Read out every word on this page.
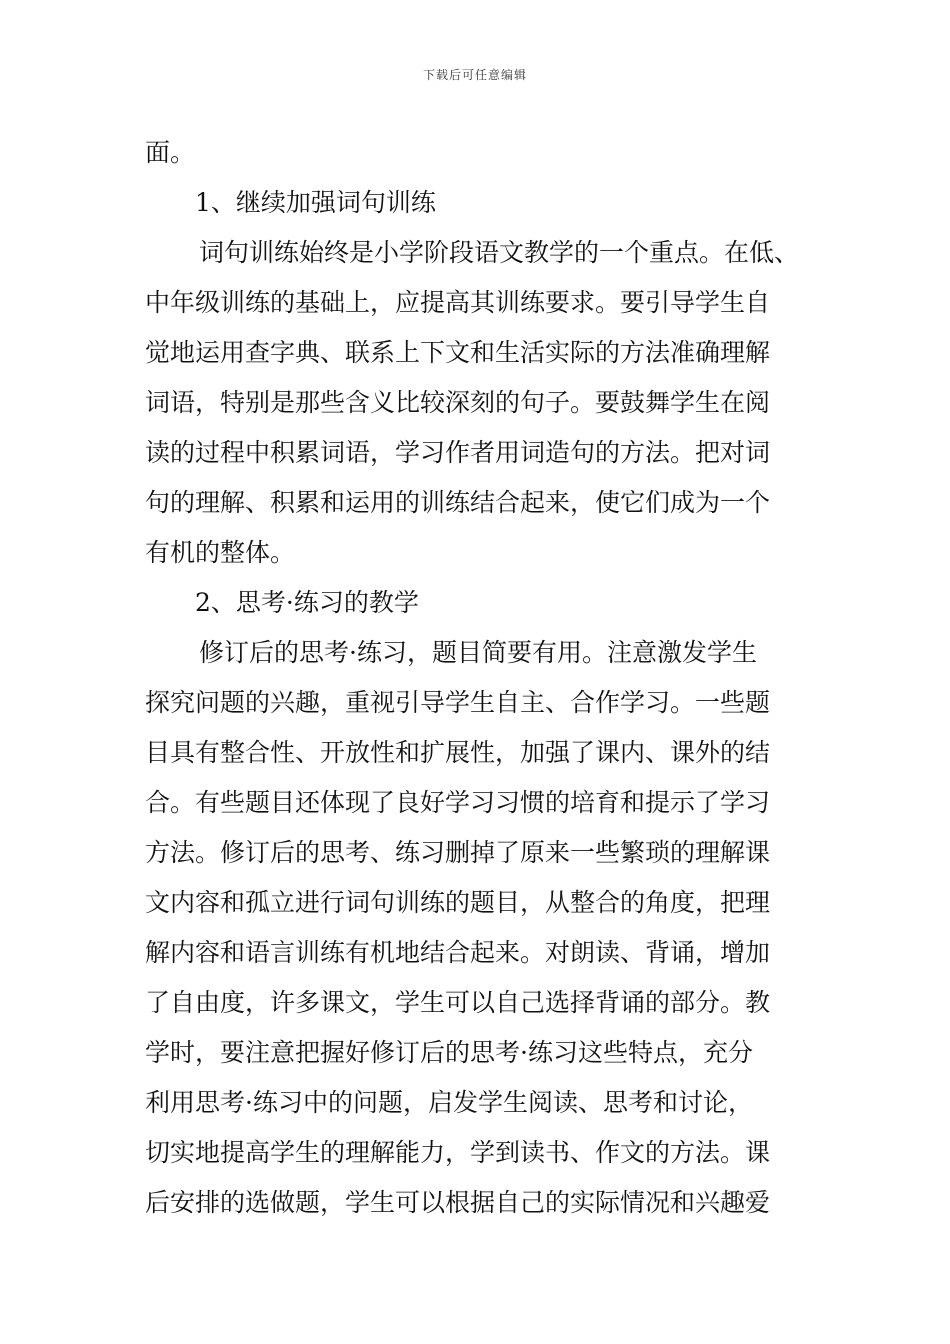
下载后可任意编辑
面。
1、继续加强词句训练
词句训练始终是小学阶段语文教学的一个重点。在低、
中年级训练的基础上，应提高其训练要求。要引导学生自
觉地运用查字典、联系上下文和生活实际的方法准确理解
词语，特别是那些含义比较深刻的句子。要鼓舞学生在阅
读的过程中积累词语，学习作者用词造句的方法。把对词
句的理解、积累和运用的训练结合起来，使它们成为一个
有机的整体。
2、思考·练习的教学
修订后的思考·练习，题目简要有用。注意激发学生
探究问题的兴趣，重视引导学生自主、合作学习。一些题
目具有整合性、开放性和扩展性，加强了课内、课外的结
合。有些题目还体现了良好学习习惯的培育和提示了学习
方法。修订后的思考、练习删掉了原来一些繁琐的理解课
文内容和孤立进行词句训练的题目，从整合的角度，把理
解内容和语言训练有机地结合起来。对朗读、背诵，增加
了自由度，许多课文，学生可以自己选择背诵的部分。教
学时，要注意把握好修订后的思考·练习这些特点，充分
利用思考·练习中的问题，启发学生阅读、思考和讨论，
切实地提高学生的理解能力，学到读书、作文的方法。课
后安排的选做题，学生可以根据自己的实际情况和兴趣爱
